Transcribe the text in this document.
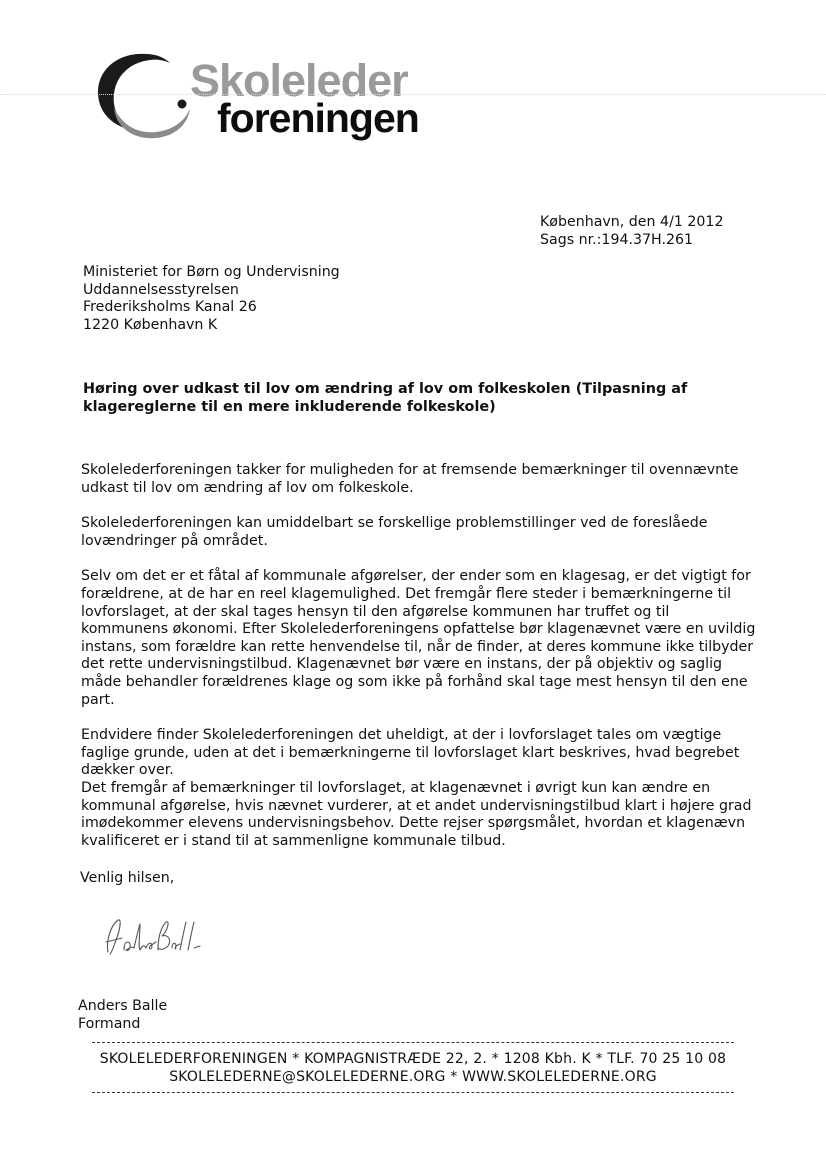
Skoleleder
foreningen
København, den 4/1 2012
Sags nr.:194.37H.261
Ministeriet for Børn og Undervisning
Uddannelsesstyrelsen
Frederiksholms Kanal 26
1220 København K
Høring over udkast til lov om ændring af lov om folkeskolen (Tilpasning af
klagereglerne til en mere inkluderende folkeskole)

Skolelederforeningen takker for muligheden for at fremsende bemærkninger til ovennævnte
udkast til lov om ændring af lov om folkeskole.

Skolelederforeningen kan umiddelbart se forskellige problemstillinger ved de foreslåede
lovændringer på området.

Selv om det er et fåtal af kommunale afgørelser, der ender som en klagesag, er det vigtigt for
forældrene, at de har en reel klagemulighed. Det fremgår flere steder i bemærkningerne til
lovforslaget, at der skal tages hensyn til den afgørelse kommunen har truffet og til
kommunens økonomi. Efter Skolelederforeningens opfattelse bør klagenævnet være en uvildig
instans, som forældre kan rette henvendelse til, når de finder, at deres kommune ikke tilbyder
det rette undervisningstilbud. Klagenævnet bør være en instans, der på objektiv og saglig
måde behandler forældrenes klage og som ikke på forhånd skal tage mest hensyn til den ene
part.

Endvidere finder Skolelederforeningen det uheldigt, at der i lovforslaget tales om vægtige
faglige grunde, uden at det i bemærkningerne til lovforslaget klart beskrives, hvad begrebet
dækker over.

Det fremgår af bemærkninger til lovforslaget, at klagenævnet i øvrigt kun kan ændre en
kommunal afgørelse, hvis nævnet vurderer, at et andet undervisningstilbud klart i højere grad
imødekommer elevens undervisningsbehov. Dette rejser spørgsmålet, hvordan et klagenævn
kvalificeret er i stand til at sammenligne kommunale tilbud.

Venlig hilsen,
Anders Balle
Formand
SKOLELEDERFORENINGEN * KOMPAGNISTRÆDE 22, 2. * 1208 Kbh. K * TLF. 70 25 10 08
SKOLELEDERNE@SKOLELEDERNE.ORG * WWW.SKOLELEDERNE.ORG
